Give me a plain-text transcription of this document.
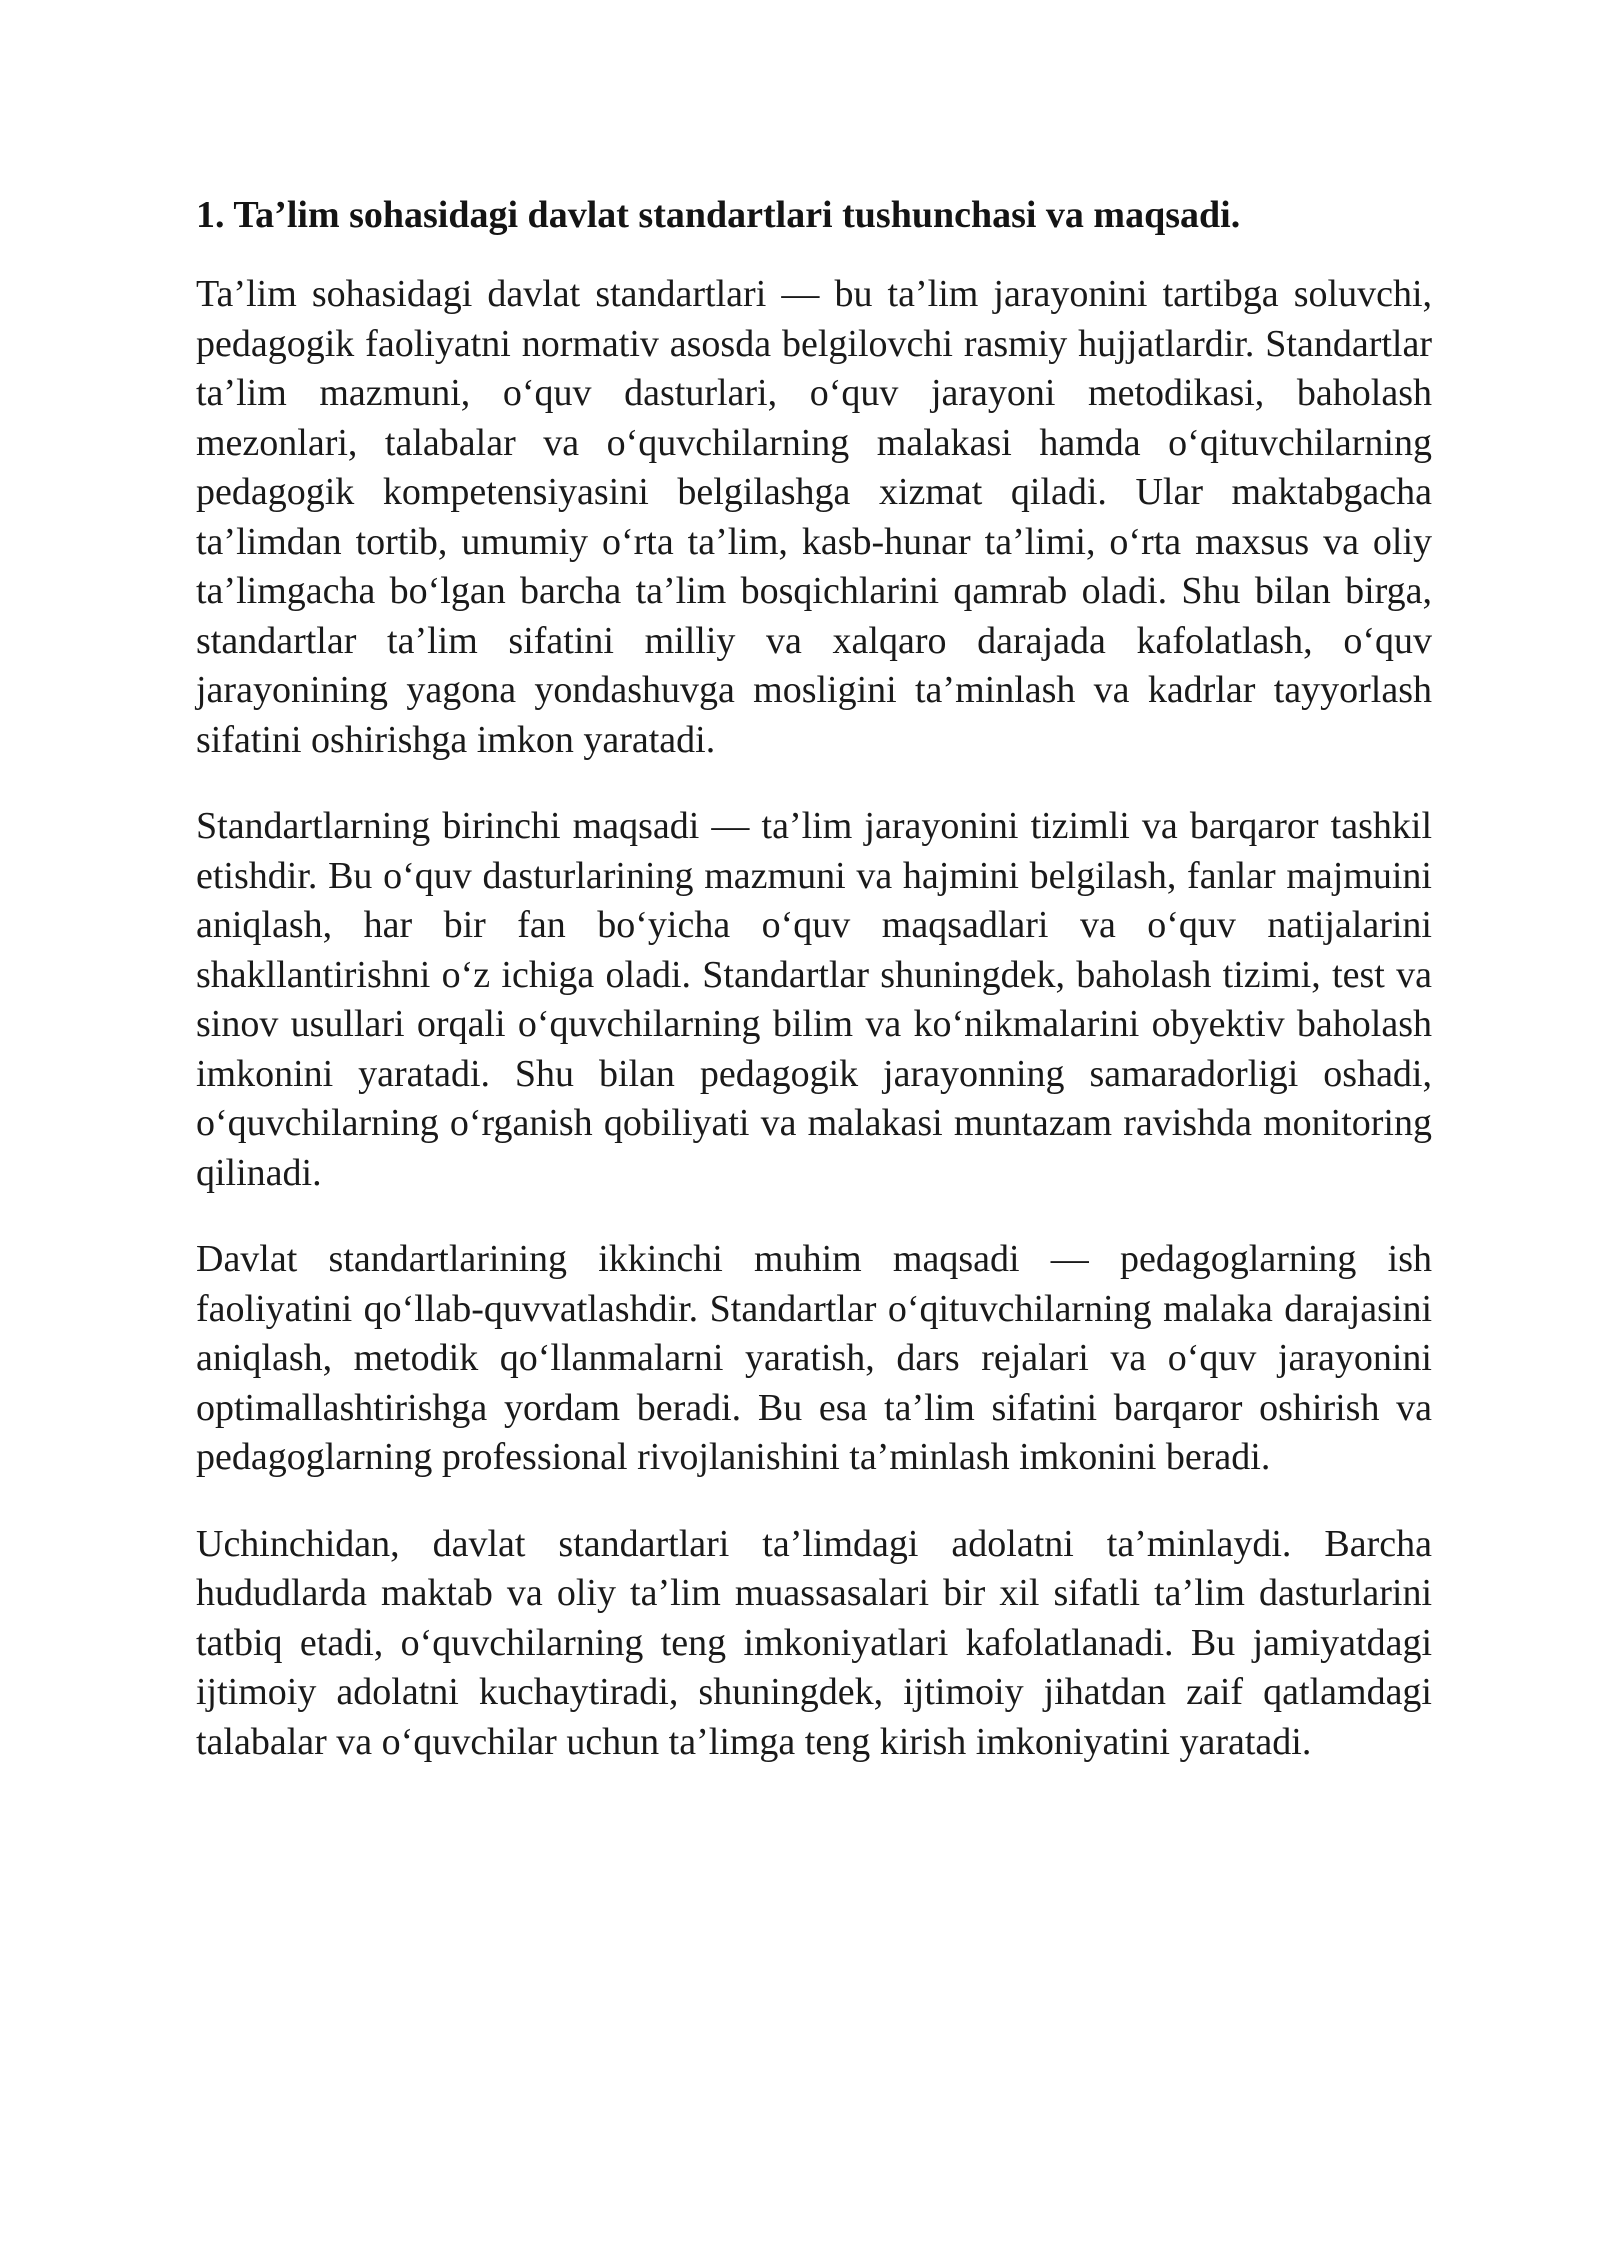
1. Ta’lim sohasidagi davlat standartlari tushunchasi va maqsadi.

Ta’lim sohasidagi davlat standartlari — bu ta’lim jarayonini tartibga soluvchi, pedagogik faoliyatni normativ asosda belgilovchi rasmiy hujjatlardir. Standartlar ta’lim mazmuni, o‘quv dasturlari, o‘quv jarayoni metodikasi, baholash mezonlari, talabalar va o‘quvchilarning malakasi hamda o‘qituvchilarning pedagogik kompetensiyasini belgilashga xizmat qiladi. Ular maktabgacha ta’limdan tortib, umumiy o‘rta ta’lim, kasb-hunar ta’limi, o‘rta maxsus va oliy ta’limgacha bo‘lgan barcha ta’lim bosqichlarini qamrab oladi. Shu bilan birga, standartlar ta’lim sifatini milliy va xalqaro darajada kafolatlash, o‘quv jarayonining yagona yondashuvga mosligini ta’minlash va kadrlar tayyorlash sifatini oshirishga imkon yaratadi.

Standartlarning birinchi maqsadi — ta’lim jarayonini tizimli va barqaror tashkil etishdir. Bu o‘quv dasturlarining mazmuni va hajmini belgilash, fanlar majmuini aniqlash, har bir fan bo‘yicha o‘quv maqsadlari va o‘quv natijalarini shakllantirishni o‘z ichiga oladi. Standartlar shuningdek, baholash tizimi, test va sinov usullari orqali o‘quvchilarning bilim va ko‘nikmalarini obyektiv baholash imkonini yaratadi. Shu bilan pedagogik jarayonning samaradorligi oshadi, o‘quvchilarning o‘rganish qobiliyati va malakasi muntazam ravishda monitoring qilinadi.

Davlat standartlarining ikkinchi muhim maqsadi — pedagoglarning ish faoliyatini qo‘llab-quvvatlashdir. Standartlar o‘qituvchilarning malaka darajasini aniqlash, metodik qo‘llanmalarni yaratish, dars rejalari va o‘quv jarayonini optimallashtirishga yordam beradi. Bu esa ta’lim sifatini barqaror oshirish va pedagoglarning professional rivojlanishini ta’minlash imkonini beradi.

Uchinchidan, davlat standartlari ta’limdagi adolatni ta’minlaydi. Barcha hududlarda maktab va oliy ta’lim muassasalari bir xil sifatli ta’lim dasturlarini tatbiq etadi, o‘quvchilarning teng imkoniyatlari kafolatlanadi. Bu jamiyatdagi ijtimoiy adolatni kuchaytiradi, shuningdek, ijtimoiy jihatdan zaif qatlamdagi talabalar va o‘quvchilar uchun ta’limga teng kirish imkoniyatini yaratadi.
